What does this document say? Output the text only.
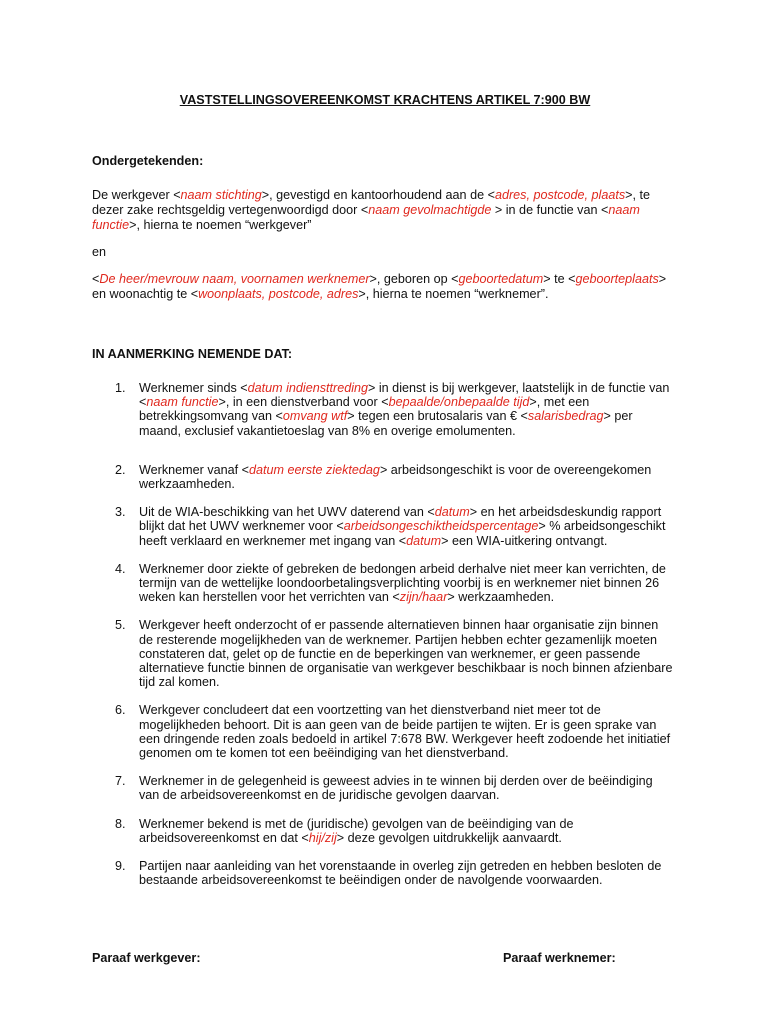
VASTSTELLINGSOVEREENKOMST KRACHTENS ARTIKEL 7:900 BW

Ondergetekenden:

De werkgever <naam stichting>, gevestigd en kantoorhoudend aan de <adres, postcode, plaats>, te dezer zake rechtsgeldig vertegenwoordigd door <naam gevolmachtigde > in de functie van <naam functie>, hierna te noemen “werkgever”

en

<De heer/mevrouw naam, voornamen werknemer>, geboren op <geboortedatum> te <geboorteplaats> en woonachtig te <woonplaats, postcode, adres>, hierna te noemen “werknemer”.

IN AANMERKING NEMENDE DAT:

1. Werknemer sinds <datum indiensttreding> in dienst is bij werkgever, laatstelijk in de functie van <naam functie>, in een dienstverband voor <bepaalde/onbepaalde tijd>, met een betrekkingsomvang van <omvang wtf> tegen een brutosalaris van € <salarisbedrag> per maand, exclusief vakantietoeslag van 8% en overige emolumenten.
2. Werknemer vanaf <datum eerste ziektedag> arbeidsongeschikt is voor de overeengekomen werkzaamheden.
3. Uit de WIA-beschikking van het UWV daterend van <datum> en het arbeidsdeskundig rapport blijkt dat het UWV werknemer voor <arbeidsongeschiktheidspercentage> % arbeidsongeschikt heeft verklaard en werknemer met ingang van <datum> een WIA-uitkering ontvangt.
4. Werknemer door ziekte of gebreken de bedongen arbeid derhalve niet meer kan verrichten, de termijn van de wettelijke loondoorbetalingsverplichting voorbij is en werknemer niet binnen 26 weken kan herstellen voor het verrichten van <zijn/haar> werkzaamheden.
5. Werkgever heeft onderzocht of er passende alternatieven binnen haar organisatie zijn binnen de resterende mogelijkheden van de werknemer. Partijen hebben echter gezamenlijk moeten constateren dat, gelet op de functie en de beperkingen van werknemer, er geen passende alternatieve functie binnen de organisatie van werkgever beschikbaar is noch binnen afzienbare tijd zal komen.
6. Werkgever concludeert dat een voortzetting van het dienstverband niet meer tot de mogelijkheden behoort. Dit is aan geen van de beide partijen te wijten. Er is geen sprake van een dringende reden zoals bedoeld in artikel 7:678 BW. Werkgever heeft zodoende het initiatief genomen om te komen tot een beëindiging van het dienstverband.
7. Werknemer in de gelegenheid is geweest advies in te winnen bij derden over de beëindiging van de arbeidsovereenkomst en de juridische gevolgen daarvan.
8. Werknemer bekend is met de (juridische) gevolgen van de beëindiging van de arbeidsovereenkomst en dat <hij/zij> deze gevolgen uitdrukkelijk aanvaardt.
9. Partijen naar aanleiding van het vorenstaande in overleg zijn getreden en hebben besloten de bestaande arbeidsovereenkomst te beëindigen onder de navolgende voorwaarden.

Paraaf werkgever:	Paraaf werknemer:
